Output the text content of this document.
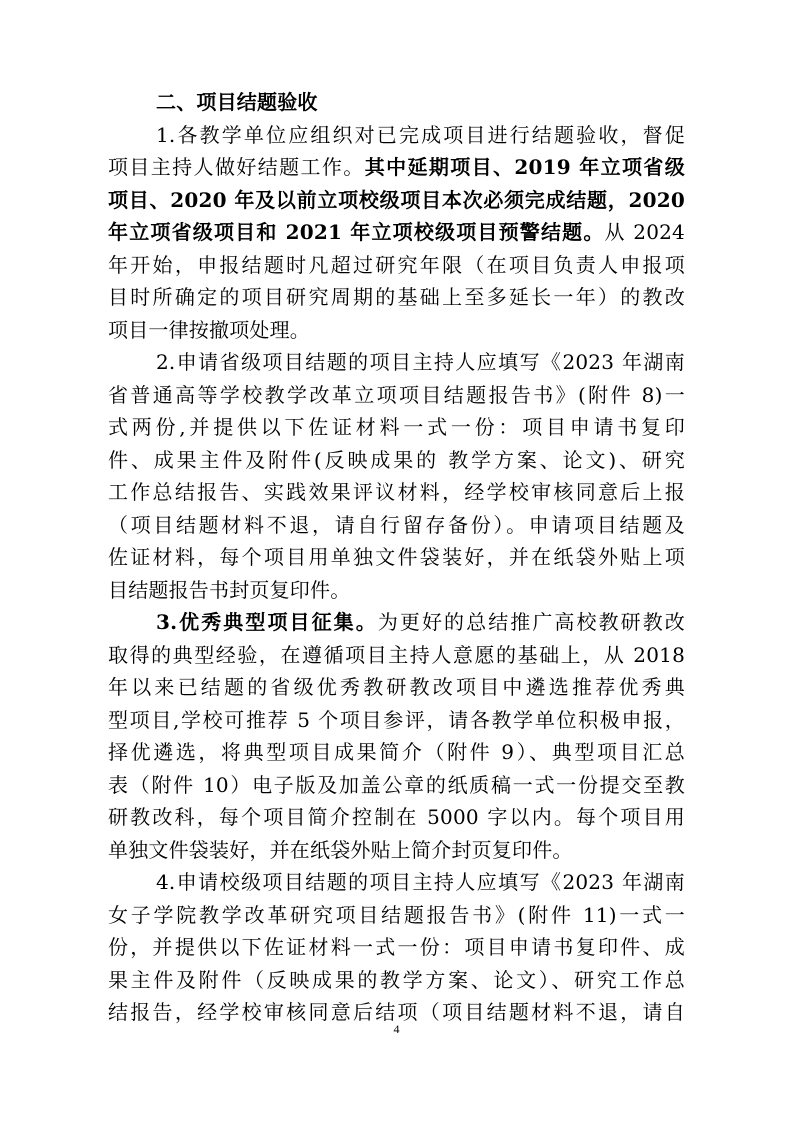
二、项目结题验收
1.各教学单位应组织对已完成项目进行结题验收，督促
项目主持人做好结题工作。其中延期项目、2019 年立项省级
项目、2020 年及以前立项校级项目本次必须完成结题，2020
年立项省级项目和 2021 年立项校级项目预警结题。从 2024
年开始，申报结题时凡超过研究年限（在项目负责人申报项
目时所确定的项目研究周期的基础上至多延长一年）的教改
项目一律按撤项处理。
2.申请省级项目结题的项目主持人应填写《2023 年湖南
省普通高等学校教学改革立项项目结题报告书》(附件 8)一
式两份,并提供以下佐证材料一式一份：项目申请书复印
件、成果主件及附件(反映成果的 教学方案、论文)、研究
工作总结报告、实践效果评议材料，经学校审核同意后上报
（项目结题材料不退，请自行留存备份）。申请项目结题及
佐证材料，每个项目用单独文件袋装好，并在纸袋外贴上项
目结题报告书封页复印件。
3.优秀典型项目征集。为更好的总结推广高校教研教改
取得的典型经验，在遵循项目主持人意愿的基础上，从 2018
年以来已结题的省级优秀教研教改项目中遴选推荐优秀典
型项目,学校可推荐 5 个项目参评，请各教学单位积极申报，
择优遴选，将典型项目成果简介（附件 9）、典型项目汇总
表（附件 10）电子版及加盖公章的纸质稿一式一份提交至教
研教改科，每个项目简介控制在 5000 字以内。每个项目用
单独文件袋装好，并在纸袋外贴上简介封页复印件。
4.申请校级项目结题的项目主持人应填写《2023 年湖南
女子学院教学改革研究项目结题报告书》(附件 11)一式一
份，并提供以下佐证材料一式一份：项目申请书复印件、成
果主件及附件（反映成果的教学方案、论文）、研究工作总
结报告，经学校审核同意后结项（项目结题材料不退，请自
4
